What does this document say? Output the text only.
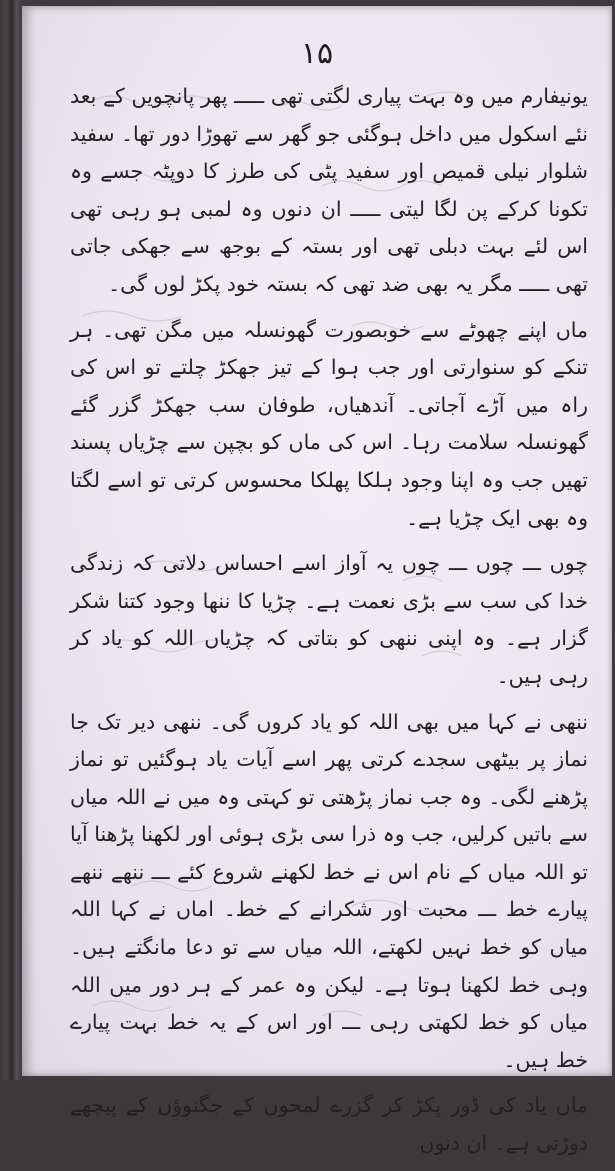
۱۵

یونیفارم میں وہ بہت پیاری لگتی تھی ـــــ پھر پانچویں کے بعد نئے اسکول میں داخل ہوگئی جو گھر سے تھوڑا دور تھا۔ سفید شلوار نیلی قمیص اور سفید پٹی کی طرز کا دوپٹہ جسے وہ تکونا کرکے پن لگا لیتی ـــــ ان دنوں وہ لمبی ہو رہی تھی اس لئے بہت دبلی تھی اور بستہ کے بوجھ سے جھکی جاتی تھی ـــــ مگر یہ بھی ضد تھی کہ بستہ خود پکڑ لوں گی۔

ماں اپنے چھوٹے سے خوبصورت گھونسلہ میں مگن تھی۔ ہر تنکے کو سنوارتی اور جب ہوا کے تیز جھکڑ چلتے تو اس کی راہ میں آڑے آجاتی۔ آندھیاں، طوفان سب جھکڑ گزر گئے گھونسلہ سلامت رہا۔ اس کی ماں کو بچپن سے چڑیاں پسند تھیں جب وہ اپنا وجود ہلکا پھلکا محسوس کرتی تو اسے لگتا وہ بھی ایک چڑیا ہے۔

چوں ـــ چوں ـــ چوں یہ آواز اسے احساس دلاتی کہ زندگی خدا کی سب سے بڑی نعمت ہے۔ چڑیا کا ننھا وجود کتنا شکر گزار ہے۔ وہ اپنی ننھی کو بتاتی کہ چڑیاں اللہ کو یاد کر رہی ہیں۔

ننھی نے کہا میں بھی اللہ کو یاد کروں گی۔ ننھی دیر تک جا نماز پر بیٹھی سجدے کرتی پھر اسے آیات یاد ہوگئیں تو نماز پڑھنے لگی۔ وہ جب نماز پڑھتی تو کہتی وہ میں نے اللہ میاں سے باتیں کرلیں، جب وہ ذرا سی بڑی ہوئی اور لکھنا پڑھنا آیا تو اللہ میاں کے نام اس نے خط لکھنے شروع کئے ـــ ننھے ننھے پیارے خط ـــ محبت اور شکرانے کے خط۔ اماں نے کہا اللہ میاں کو خط نہیں لکھتے، اللہ میاں سے تو دعا مانگتے ہیں۔ وہی خط لکھنا ہوتا ہے۔ لیکن وہ عمر کے ہر دور میں اللہ میاں کو خط لکھتی رہی ـــ اور اس کے یہ خط بہت پیارے خط ہیں۔

ماں یاد کی ڈور پکڑ کر گزرے لمحوں کے جگنوؤں کے پیچھے دوڑتی ہے۔ ان دنوں
